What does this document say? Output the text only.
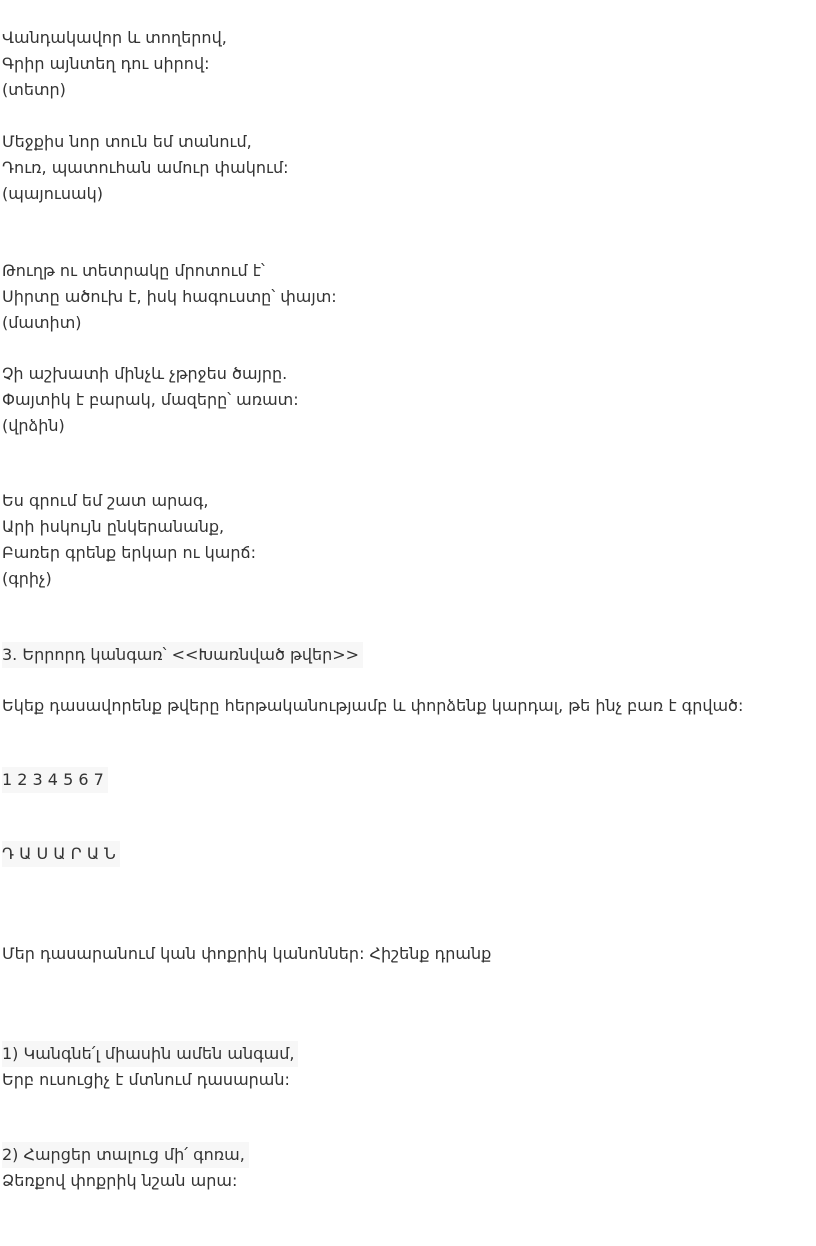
Վանդակավոր և տողերով,
Գրիր այնտեղ դու սիրով:
(տետր)
Մեջքիս նոր տուն եմ տանում,
Դուռ, պատուհան ամուր փակում:
(պայուսակ)
Թուղթ ու տետրակը մրոտում է՝
Սիրտը ածուխ է, իսկ հագուստը՝ փայտ:
(մատիտ)
Չի աշխատի մինչև չթրջես ծայրը.
Փայտիկ է բարակ, մազերը՝ առատ:
(վրձին)
Ես գրում եմ շատ արագ,
Արի իսկույն ընկերանանք,
Բառեր գրենք երկար ու կարճ:
(գրիչ)
3. Երրորդ կանգառ՝ <<Խառնված թվեր>>
Եկեք դասավորենք թվերը հերթականությամբ և փորձենք կարդալ, թե ինչ բառ է գրված:
1 2 3 4 5 6 7
Դ Ա Ս Ա Ր Ա Ն
Մեր դասարանում կան փոքրիկ կանոններ: Հիշենք դրանք
1) Կանգնե՛լ միասին ամեն անգամ,
Երբ ուսուցիչ է մտնում դասարան:
2) Հարցեր տալուց մի՛ գոռա,
Ձեռքով փոքրիկ նշան արա:
